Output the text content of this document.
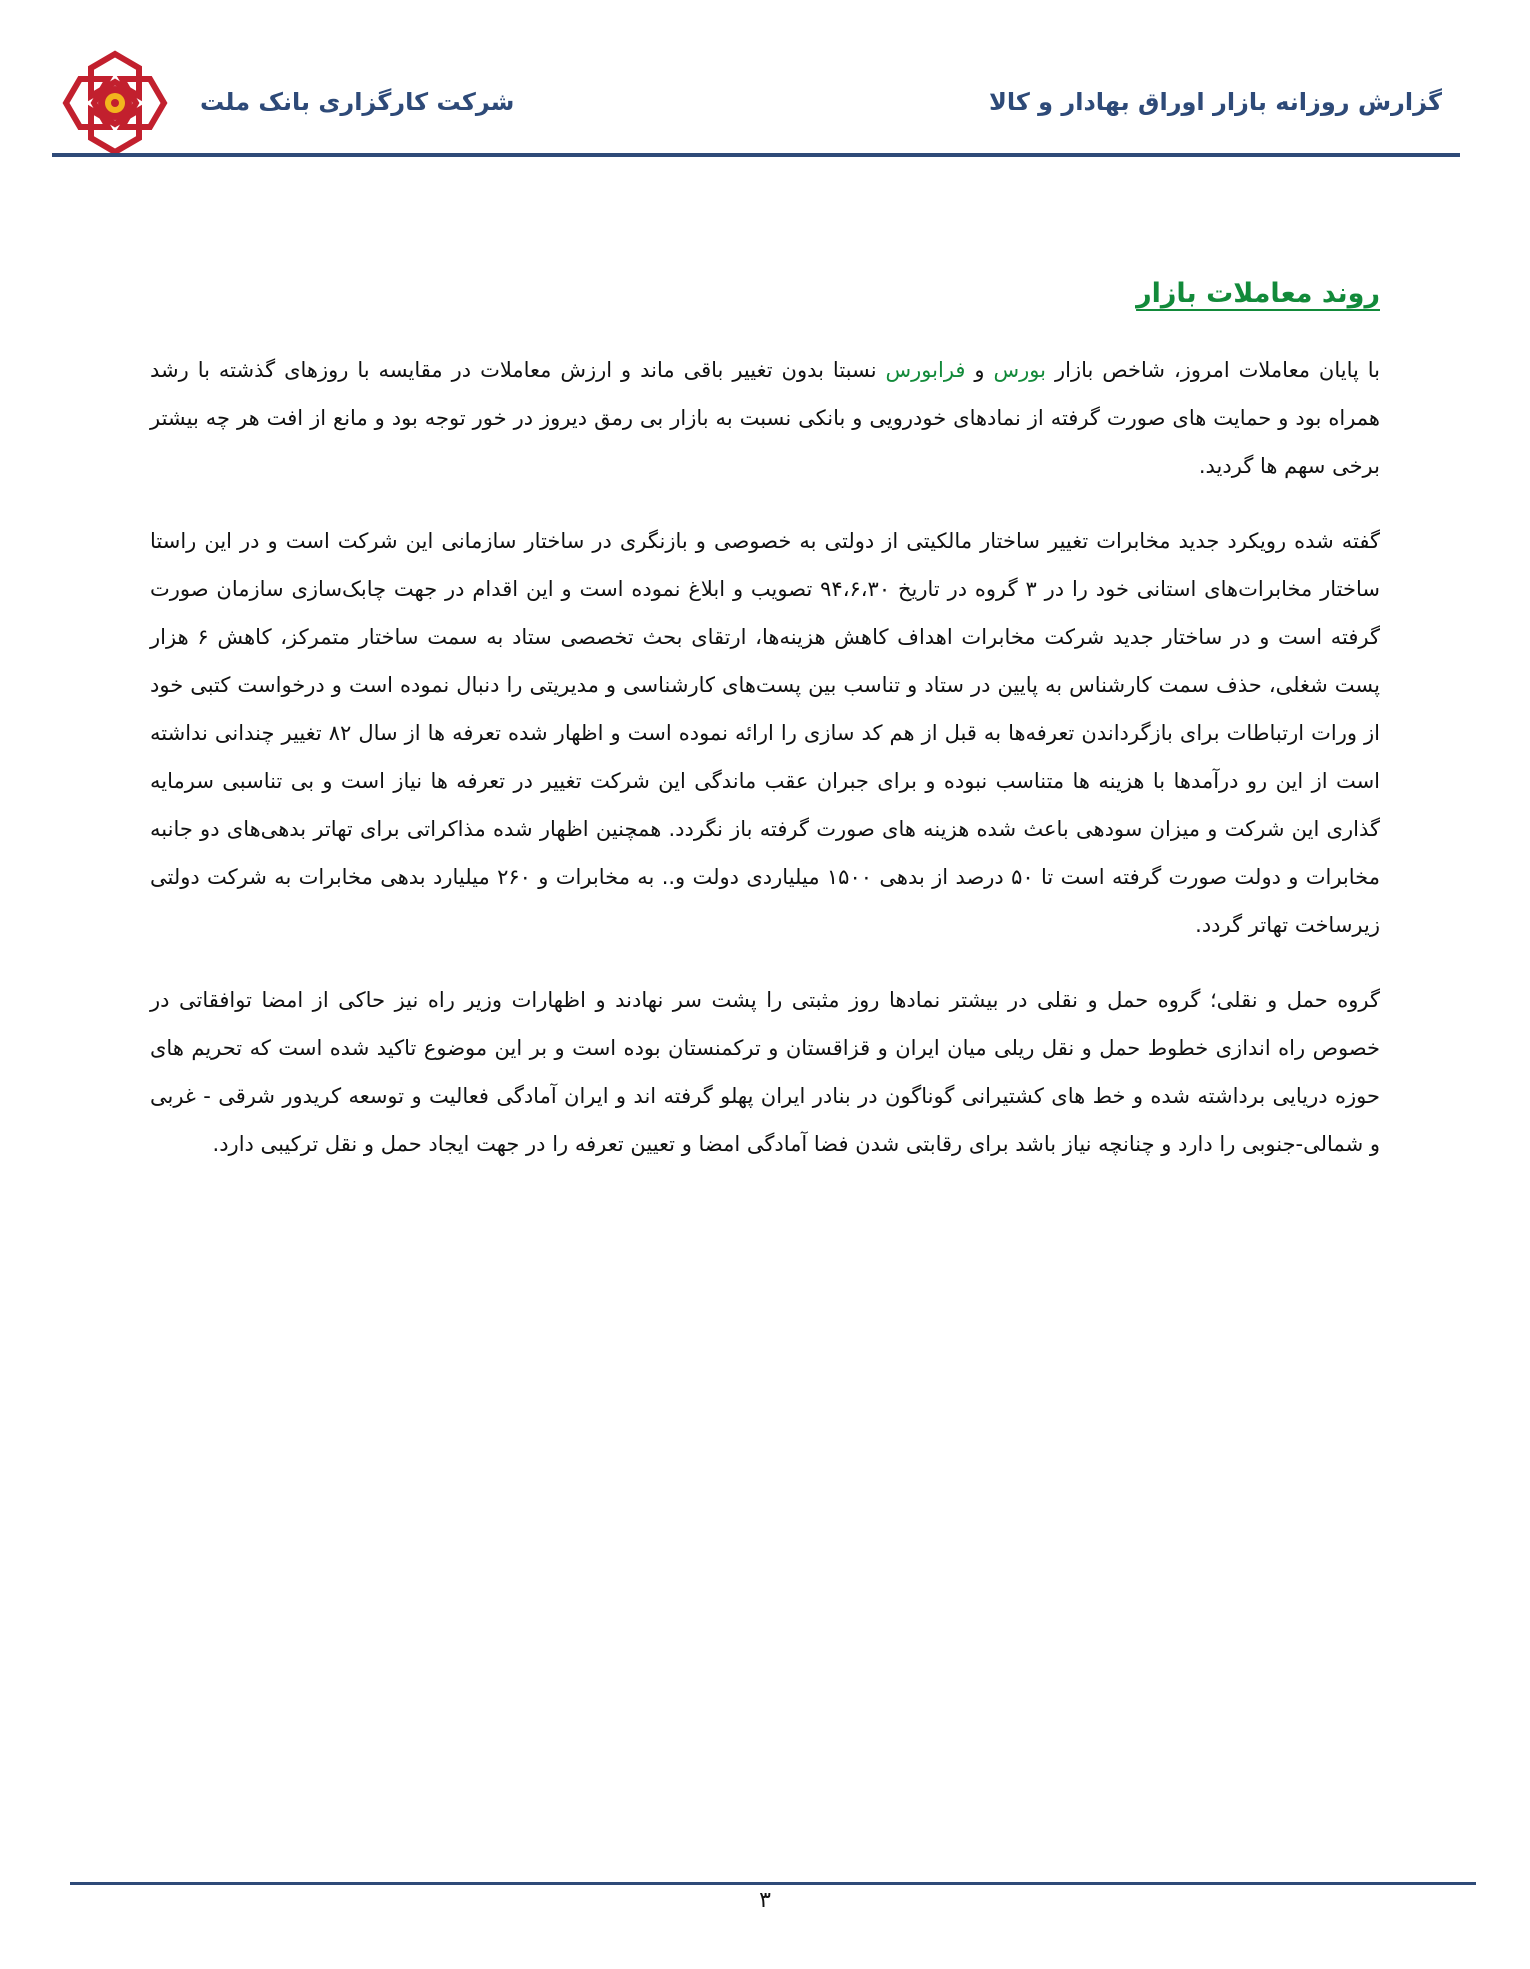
شرکت کارگزاری بانک ملت	گزارش روزانه بازار اوراق بهادار و کالا
روند معاملات بازار

با پایان معاملات امروز، شاخص بازار بورس و فرابورس نسبتا بدون تغییر باقی ماند و ارزش معاملات در مقایسه با روزهای گذشته با رشد همراه بود و حمایت های صورت گرفته از نمادهای خودرویی و بانکی نسبت به بازار بی رمق دیروز در خور توجه بود و مانع از افت هر چه بیشتر برخی سهم ها گردید.

گفته شده رویکرد جدید مخابرات تغییر ساختار مالکیتی از دولتی به خصوصی و بازنگری در ساختار سازمانی این شرکت است و در این راستا ساختار مخابرات‌های استانی خود را در ۳ گروه در تاریخ ۹۴،۶،۳۰ تصویب و ابلاغ نموده است و این اقدام در جهت چابک‌سازی سازمان صورت گرفته است و در ساختار جدید شرکت مخابرات اهداف کاهش هزینه‌ها، ارتقای بحث تخصصی ستاد به سمت ساختار متمرکز، کاهش ۶ هزار پست شغلی، حذف سمت کارشناس به پایین در ستاد و تناسب بین پست‌های کارشناسی و مدیریتی را دنبال نموده است و درخواست کتبی خود از ورات ارتباطات برای بازگرداندن تعرفه‌ها به قبل از هم کد سازی را ارائه نموده است و اظهار شده تعرفه ها از سال ۸۲ تغییر چندانی نداشته است از این رو درآمدها با هزینه ها متناسب نبوده و برای جبران عقب ماندگی این شرکت تغییر در تعرفه ها نیاز است و بی تناسبی سرمایه گذاری این شرکت و میزان سودهی باعث شده هزینه های صورت گرفته باز نگردد. همچنین اظهار شده مذاکراتی برای تهاتر بدهی‌های دو جانبه مخابرات و دولت صورت گرفته است تا ۵۰ درصد از بدهی ۱۵۰۰ میلیاردی دولت و.. به مخابرات و ۲۶۰ میلیارد بدهی مخابرات به شرکت دولتی زیرساخت تهاتر گردد.

گروه حمل و نقلی؛ گروه حمل و نقلی در بیشتر نمادها روز مثبتی را پشت سر نهادند و اظهارات وزیر راه نیز حاکی از امضا توافقاتی در خصوص راه اندازی خطوط حمل و نقل ریلی میان ایران و قزاقستان و ترکمنستان بوده است و بر این موضوع تاکید شده است که تحریم های حوزه دریایی برداشته شده و خط های کشتیرانی گوناگون در بنادر ایران پهلو گرفته اند و ایران آمادگی فعالیت و توسعه کریدور شرقی - غربی و شمالی-جنوبی را دارد و چنانچه نیاز باشد برای رقابتی شدن فضا آمادگی امضا و تعیین تعرفه را در جهت ایجاد حمل و نقل ترکیبی دارد.

۳
